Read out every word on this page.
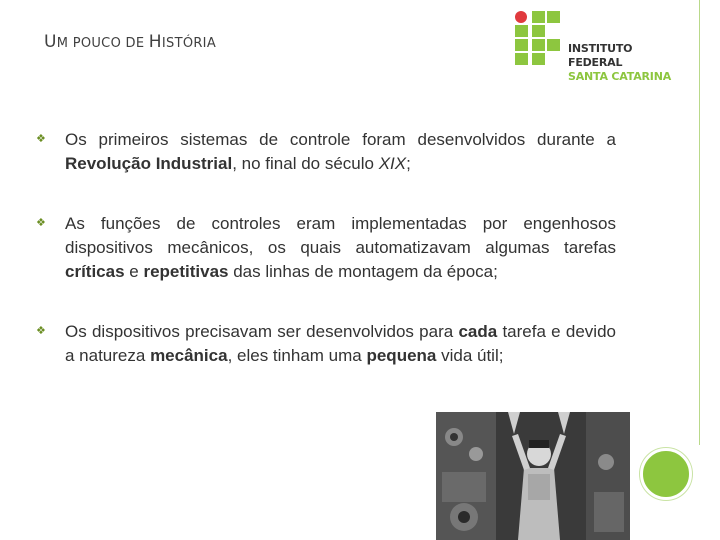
UM POUCO DE HISTÓRIA	INSTITUTO FEDERAL
SANTA CATARINA
❖ Os primeiros sistemas de controle foram desenvolvidos durante a Revolução Industrial, no final do século XIX;
❖ As funções de controles eram implementadas por engenhosos dispositivos mecânicos, os quais automatizavam algumas tarefas críticas e repetitivas das linhas de montagem da época;
❖ Os dispositivos precisavam ser desenvolvidos para cada tarefa e devido a natureza mecânica, eles tinham uma pequena vida útil;
